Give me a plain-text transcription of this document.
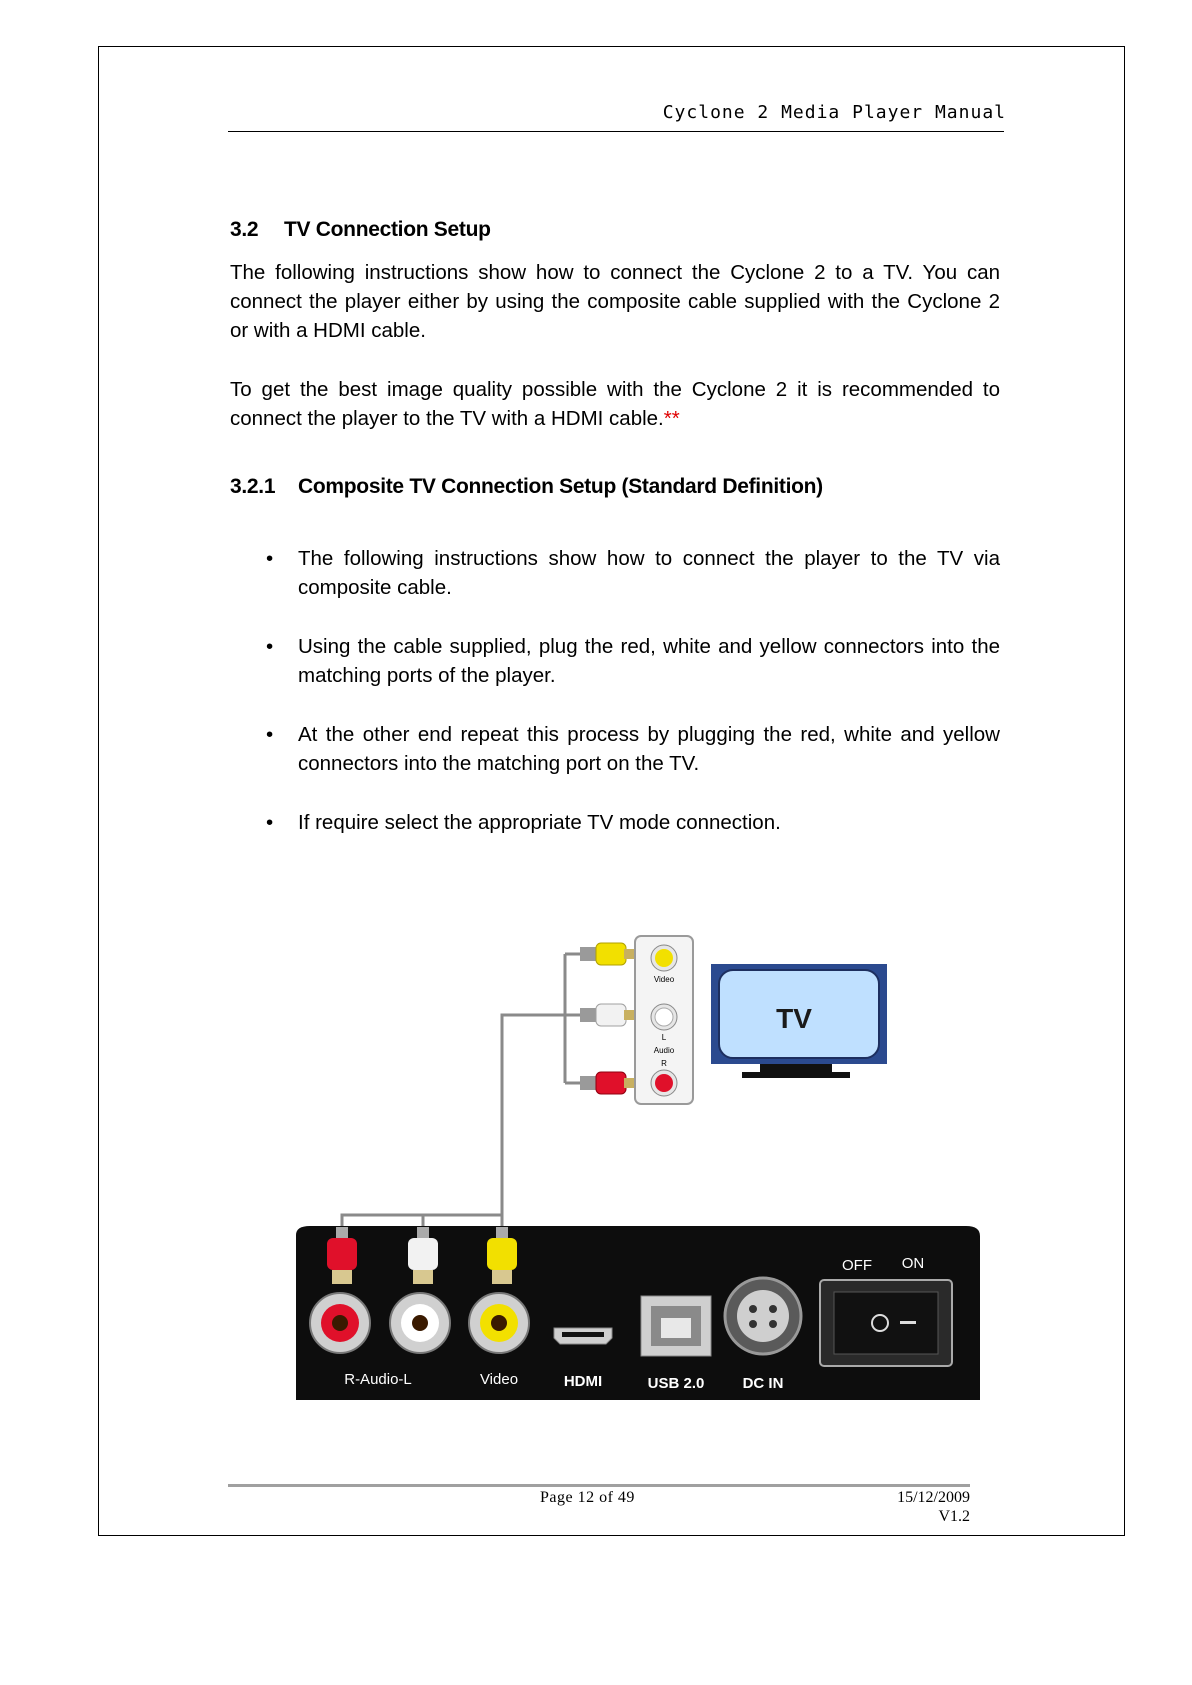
Cyclone 2 Media Player Manual
3.2 TV Connection Setup
The following instructions show how to connect the Cyclone 2 to a TV. You can connect the player either by using the composite cable supplied with the Cyclone 2 or with a HDMI cable.
To get the best image quality possible with the Cyclone 2 it is recommended to connect the player to the TV with a HDMI cable.**
3.2.1 Composite TV Connection Setup (Standard Definition)
• The following instructions show how to connect the player to the TV via composite cable.
• Using the cable supplied, plug the red, white and yellow connectors into the matching ports of the player.
• At the other end repeat this process by plugging the red, white and yellow connectors into the matching port on the TV.
• If require select the appropriate TV mode connection.
Video
L
Audio
R
TV
R-Audio-L	Video	HDMI	USB 2.0	DC IN
OFF ON
Page 12 of 49	15/12/2009
V1.2
